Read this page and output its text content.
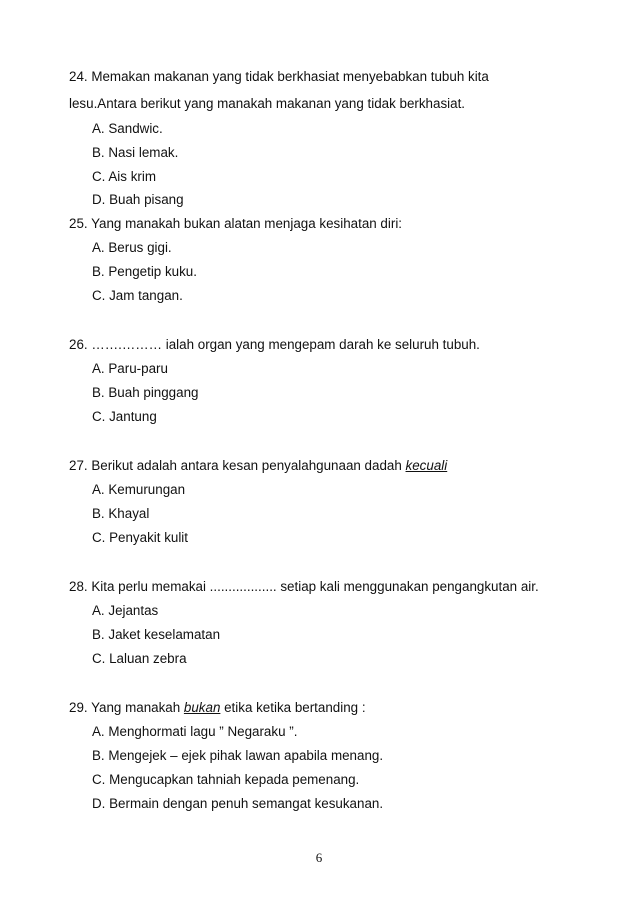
24. Memakan makanan yang tidak berkhasiat menyebabkan tubuh kita
lesu.Antara berikut yang manakah makanan yang tidak berkhasiat.
A. Sandwic.
B. Nasi lemak.
C. Ais krim
D. Buah pisang
25. Yang manakah bukan alatan menjaga kesihatan diri:
A. Berus gigi.
B. Pengetip kuku.
C. Jam tangan.
26. …….……… ialah organ yang mengepam darah ke seluruh tubuh.
A. Paru-paru
B. Buah pinggang
C. Jantung
27. Berikut adalah antara kesan penyalahgunaan dadah kecuali
A. Kemurungan
B. Khayal
C. Penyakit kulit
28. Kita perlu memakai .................. setiap kali menggunakan pengangkutan air.
A. Jejantas
B. Jaket keselamatan
C. Laluan zebra
29. Yang manakah bukan etika ketika bertanding :
A. Menghormati lagu ” Negaraku ”.
B. Mengejek – ejek pihak lawan apabila menang.
C. Mengucapkan tahniah kepada pemenang.
D. Bermain dengan penuh semangat kesukanan.
6
